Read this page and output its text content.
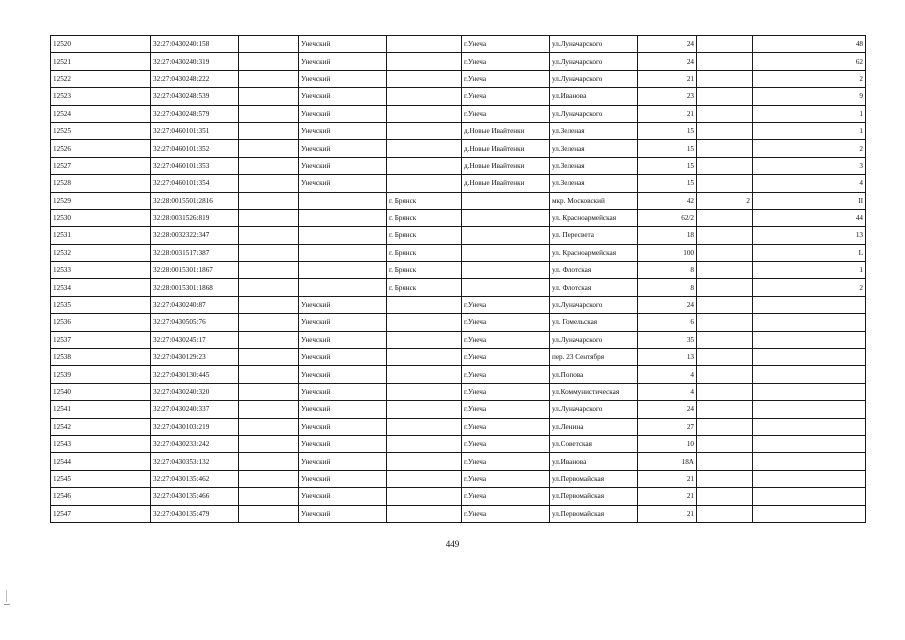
12520	32:27:0430240:158		Унечский		г.Унеча	ул.Луначарского	24		48
12521	32:27:0430240:319		Унечский		г.Унеча	ул.Луначарского	24		62
12522	32:27:0430248:222		Унечский		г.Унеча	ул.Луначарского	21		2
12523	32:27:0430248:539		Унечский		г.Унеча	ул.Иванова	23		9
12524	32:27:0430248:579		Унечский		г.Унеча	ул.Луначарского	21		1
12525	32:27:0460101:351		Унечский		д.Новые Ивайтенки	ул.Зеленая	15		1
12526	32:27:0460101:352		Унечский		д.Новые Ивайтенки	ул.Зеленая	15		2
12527	32:27:0460101:353		Унечский		д.Новые Ивайтенки	ул.Зеленая	15		3
12528	32:27:0460101:354		Унечский		д.Новые Ивайтенки	ул.Зеленая	15		4
12529	32:28:0015501:2816			г. Брянск		мкр. Московский	42	2	II
12530	32:28:0031526:819			г. Брянск		ул. Красноармейская	62/2		44
12531	32:28:0032322:347			г. Брянск		ул. Пересвета	18		13
12532	32:28:0031517:387			г. Брянск		ул. Красноармейская	100		L
12533	32:28:0015301:1867			г. Брянск		ул. Флотская	8		1
12534	32:28:0015301:1868			г. Брянск		ул. Флотская	8		2
12535	32:27:0430240:87		Унечский		г.Унеча	ул.Луначарского	24		
12536	32:27:0430505:76		Унечский		г.Унеча	ул. Гомельская	6		
12537	32:27:0430245:17		Унечский		г.Унеча	ул.Луначарского	35		
12538	32:27:0430129:23		Унечский		г.Унеча	пер. 23 Сентября	13		
12539	32:27:0430130:445		Унечский		г.Унеча	ул.Попова	4		
12540	32:27:0430240:320		Унечский		г.Унеча	ул.Коммунистическая	4		
12541	32:27:0430240:337		Унечский		г.Унеча	ул.Луначарского	24		
12542	32:27:0430103:219		Унечский		г.Унеча	ул.Ленина	27		
12543	32:27:0430233:242		Унечский		г.Унеча	ул.Советская	10		
12544	32:27:0430353:132		Унечский		г.Унеча	ул.Иванова	18А		
12545	32:27:0430135:462		Унечский		г.Унеча	ул.Первомайская	21		
12546	32:27:0430135:466		Унечский		г.Унеча	ул.Первомайская	21		
12547	32:27:0430135:479		Унечский		г.Унеча	ул.Первомайская	21		
449
